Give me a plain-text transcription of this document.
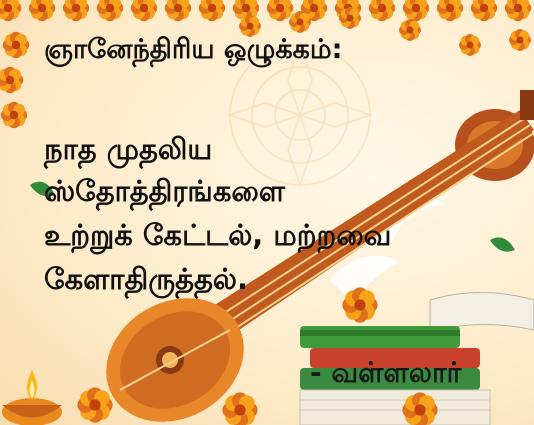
ஞானேந்திரிய ஒழுக்கம்:
நாத முதலிய
ஸ்தோத்திரங்களை
உற்றுக் கேட்டல், மற்றவை
கேளாதிருத்தல்.
- வள்ளலார்
